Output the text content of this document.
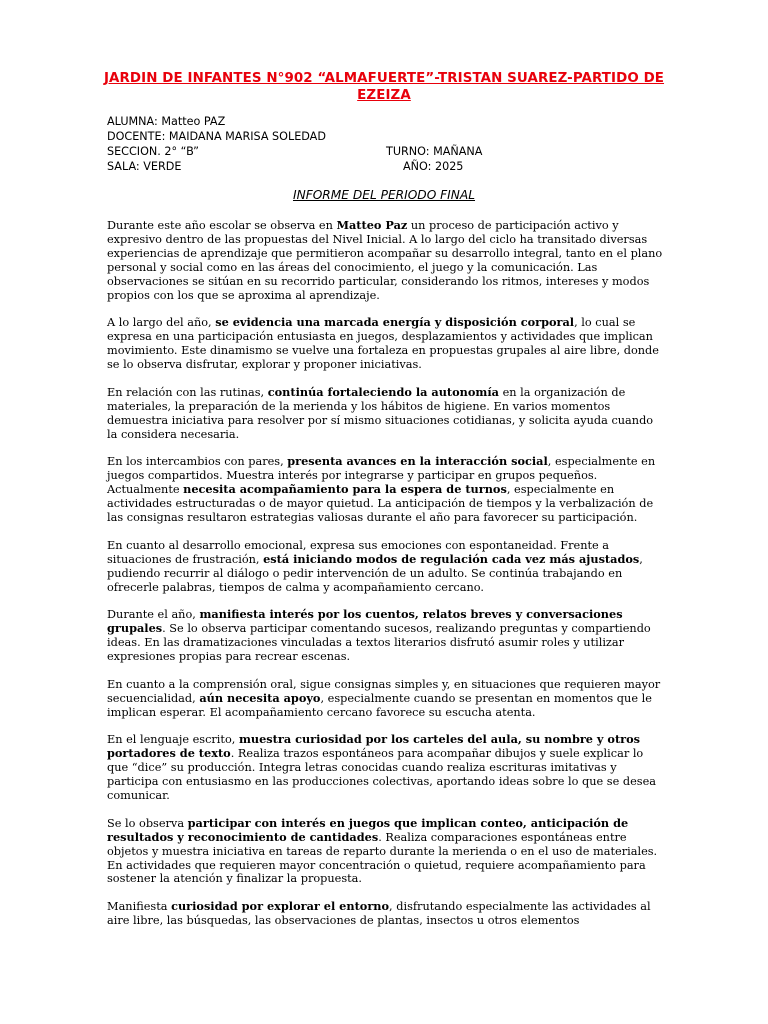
JARDIN DE INFANTES N°902 “ALMAFUERTE”-TRISTAN SUAREZ-PARTIDO DE EZEIZA
ALUMNA: Matteo PAZ
DOCENTE: MAIDANA MARISA SOLEDAD
SECCION. 2° “B”	TURNO: MAÑANA
SALA: VERDE	AÑO: 2025
INFORME DEL PERIODO FINAL

Durante este año escolar se observa en Matteo Paz un proceso de participación activo y expresivo dentro de las propuestas del Nivel Inicial. A lo largo del ciclo ha transitado diversas experiencias de aprendizaje que permitieron acompañar su desarrollo integral, tanto en el plano personal y social como en las áreas del conocimiento, el juego y la comunicación. Las observaciones se sitúan en su recorrido particular, considerando los ritmos, intereses y modos propios con los que se aproxima al aprendizaje.

A lo largo del año, se evidencia una marcada energía y disposición corporal, lo cual se expresa en una participación entusiasta en juegos, desplazamientos y actividades que implican movimiento. Este dinamismo se vuelve una fortaleza en propuestas grupales al aire libre, donde se lo observa disfrutar, explorar y proponer iniciativas.

En relación con las rutinas, continúa fortaleciendo la autonomía en la organización de materiales, la preparación de la merienda y los hábitos de higiene. En varios momentos demuestra iniciativa para resolver por sí mismo situaciones cotidianas, y solicita ayuda cuando la considera necesaria.

En los intercambios con pares, presenta avances en la interacción social, especialmente en juegos compartidos. Muestra interés por integrarse y participar en grupos pequeños. Actualmente necesita acompañamiento para la espera de turnos, especialmente en actividades estructuradas o de mayor quietud. La anticipación de tiempos y la verbalización de las consignas resultaron estrategias valiosas durante el año para favorecer su participación.

En cuanto al desarrollo emocional, expresa sus emociones con espontaneidad. Frente a situaciones de frustración, está iniciando modos de regulación cada vez más ajustados, pudiendo recurrir al diálogo o pedir intervención de un adulto. Se continúa trabajando en ofrecerle palabras, tiempos de calma y acompañamiento cercano.

Durante el año, manifiesta interés por los cuentos, relatos breves y conversaciones grupales. Se lo observa participar comentando sucesos, realizando preguntas y compartiendo ideas. En las dramatizaciones vinculadas a textos literarios disfrutó asumir roles y utilizar expresiones propias para recrear escenas.

En cuanto a la comprensión oral, sigue consignas simples y, en situaciones que requieren mayor secuencialidad, aún necesita apoyo, especialmente cuando se presentan en momentos que le implican esperar. El acompañamiento cercano favorece su escucha atenta.

En el lenguaje escrito, muestra curiosidad por los carteles del aula, su nombre y otros portadores de texto. Realiza trazos espontáneos para acompañar dibujos y suele explicar lo que “dice” su producción. Integra letras conocidas cuando realiza escrituras imitativas y participa con entusiasmo en las producciones colectivas, aportando ideas sobre lo que se desea comunicar.

Se lo observa participar con interés en juegos que implican conteo, anticipación de resultados y reconocimiento de cantidades. Realiza comparaciones espontáneas entre objetos y muestra iniciativa en tareas de reparto durante la merienda o en el uso de materiales. En actividades que requieren mayor concentración o quietud, requiere acompañamiento para sostener la atención y finalizar la propuesta.

Manifiesta curiosidad por explorar el entorno, disfrutando especialmente las actividades al aire libre, las búsquedas, las observaciones de plantas, insectos u otros elementos
